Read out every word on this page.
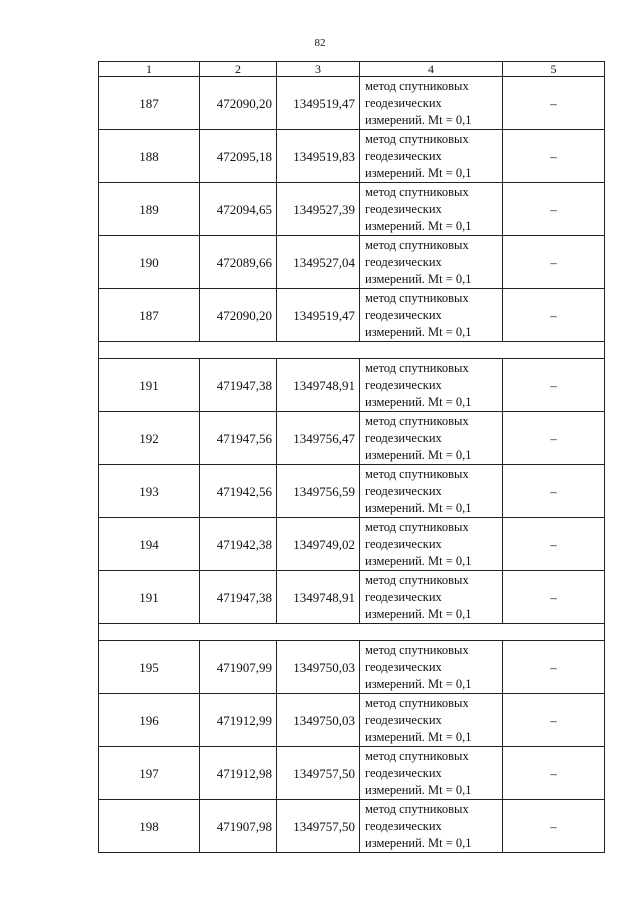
82
1	2	3	4	5
187	472090,20	1349519,47	метод спутниковых геодезических измерений. Mt = 0,1	–
188	472095,18	1349519,83	метод спутниковых геодезических измерений. Mt = 0,1	–
189	472094,65	1349527,39	метод спутниковых геодезических измерений. Mt = 0,1	–
190	472089,66	1349527,04	метод спутниковых геодезических измерений. Mt = 0,1	–
187	472090,20	1349519,47	метод спутниковых геодезических измерений. Mt = 0,1	–

191	471947,38	1349748,91	метод спутниковых геодезических измерений. Mt = 0,1	–
192	471947,56	1349756,47	метод спутниковых геодезических измерений. Mt = 0,1	–
193	471942,56	1349756,59	метод спутниковых геодезических измерений. Mt = 0,1	–
194	471942,38	1349749,02	метод спутниковых геодезических измерений. Mt = 0,1	–
191	471947,38	1349748,91	метод спутниковых геодезических измерений. Mt = 0,1	–

195	471907,99	1349750,03	метод спутниковых геодезических измерений. Mt = 0,1	–
196	471912,99	1349750,03	метод спутниковых геодезических измерений. Mt = 0,1	–
197	471912,98	1349757,50	метод спутниковых геодезических измерений. Mt = 0,1	–
198	471907,98	1349757,50	метод спутниковых геодезических измерений. Mt = 0,1	–
